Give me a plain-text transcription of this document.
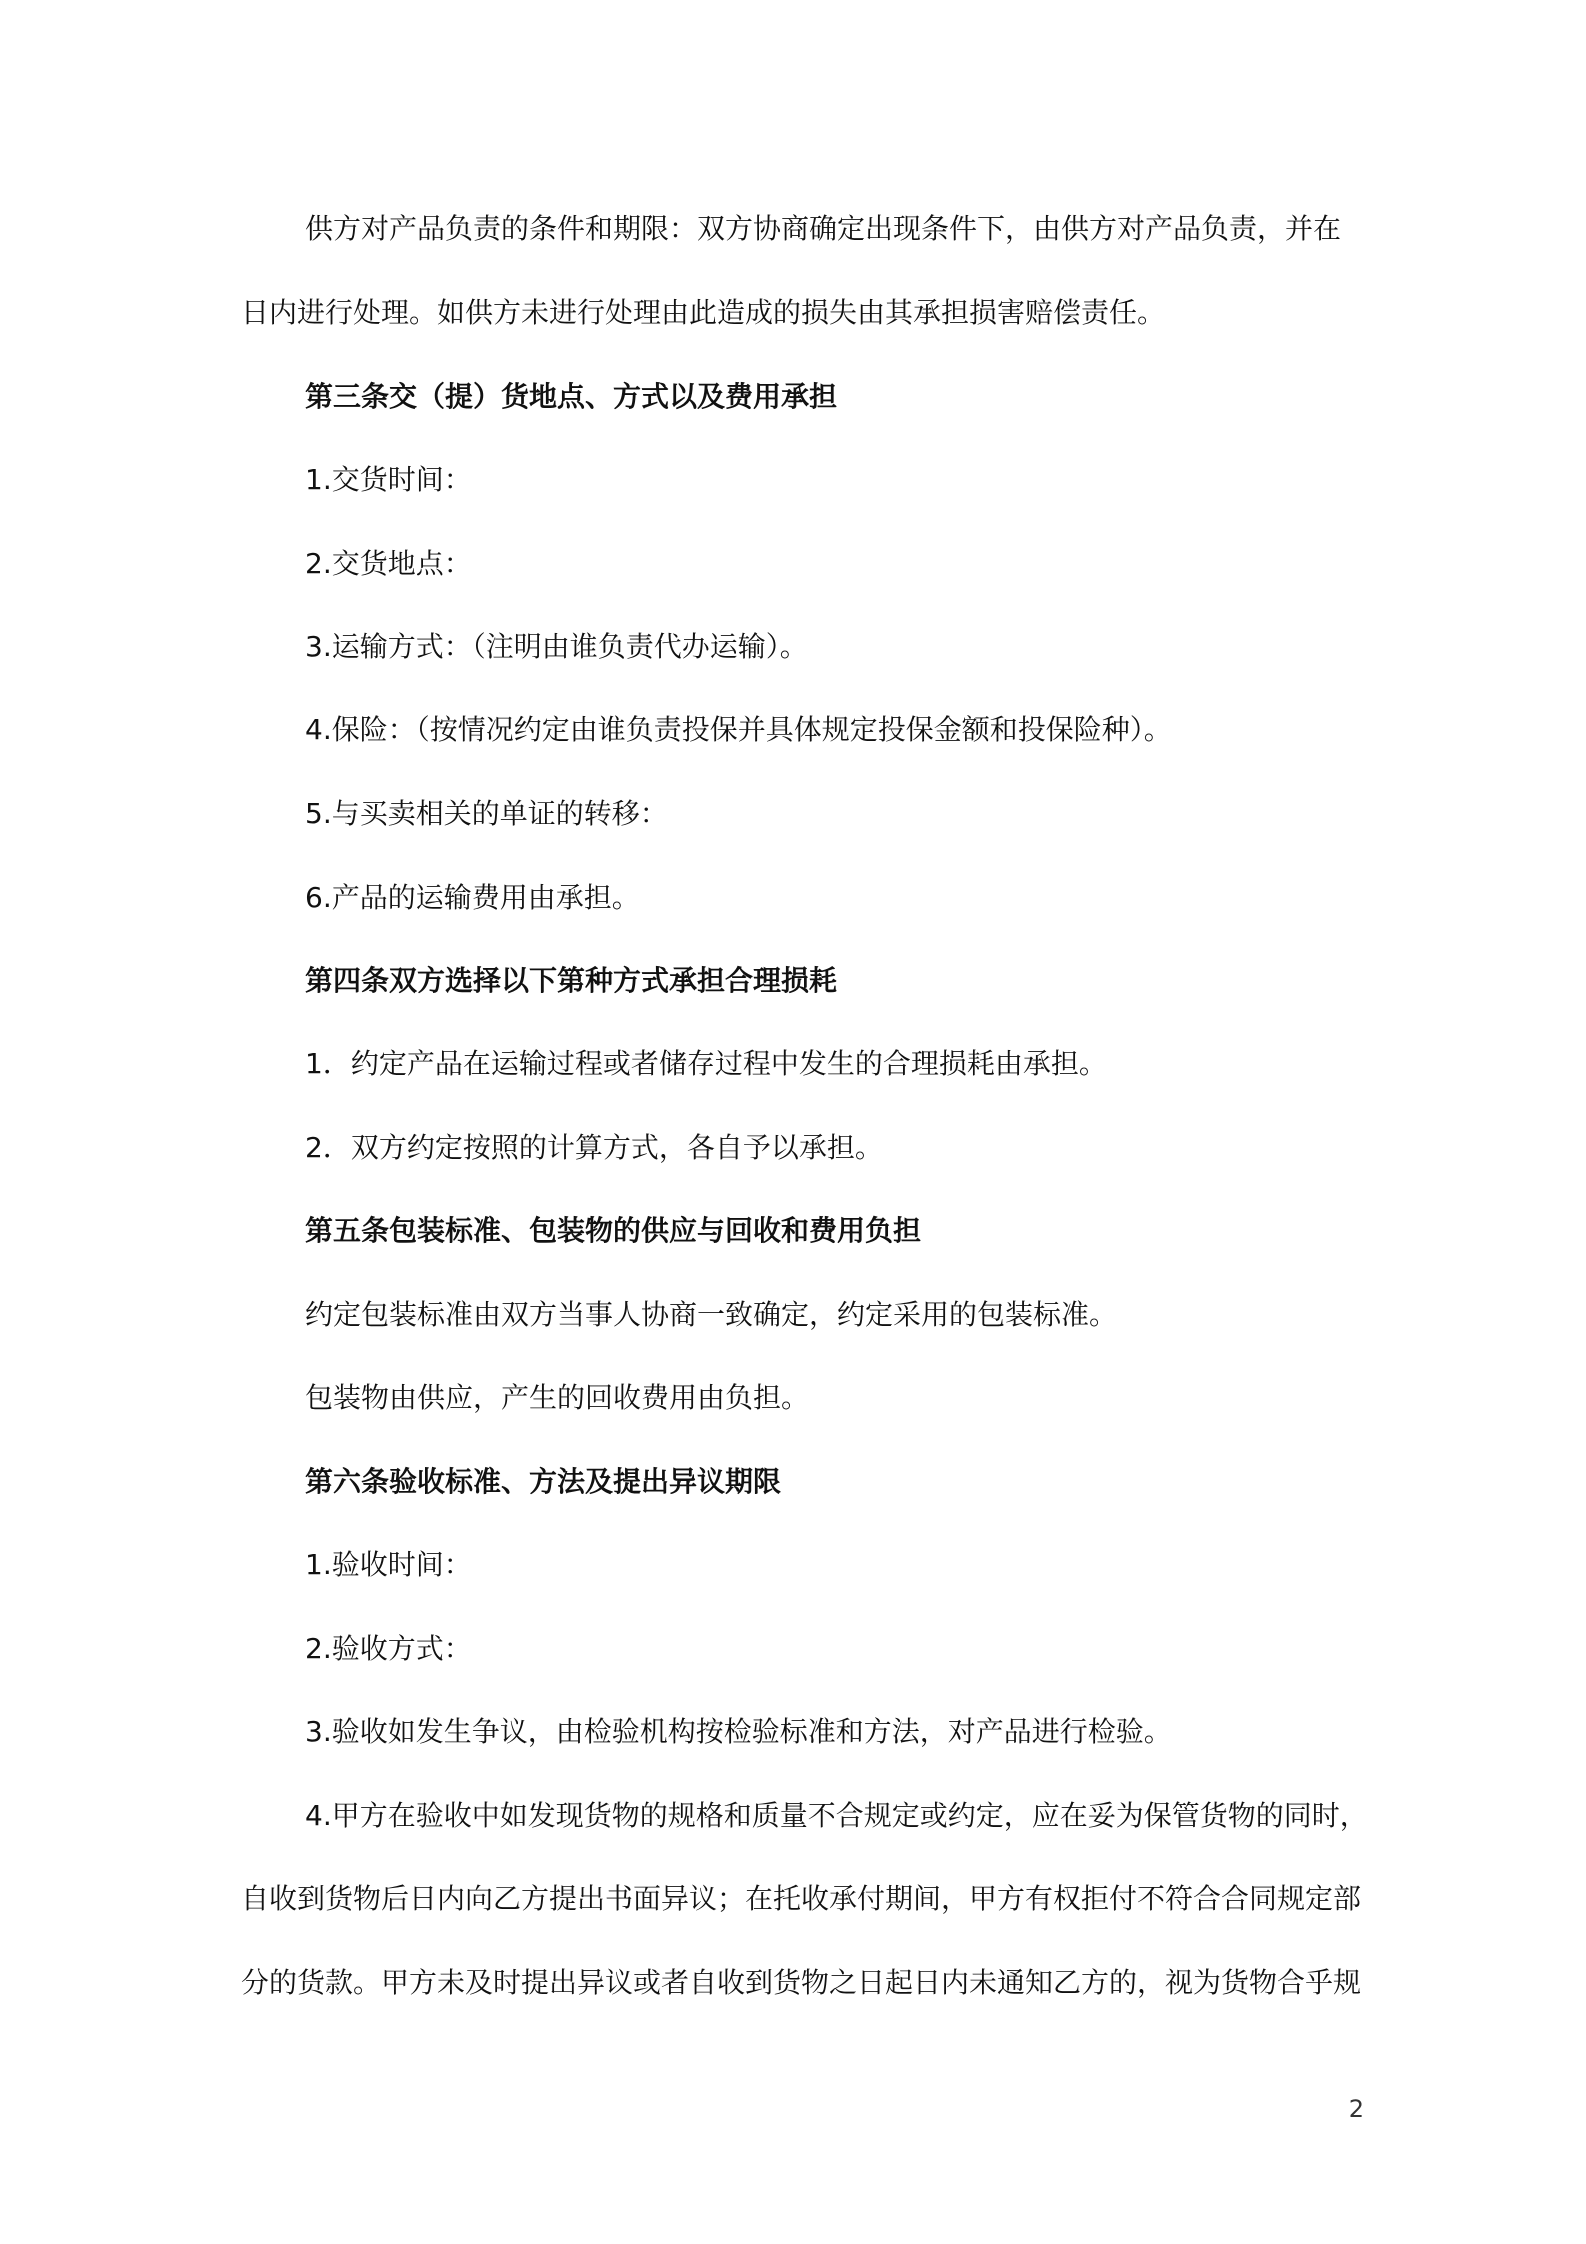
供方对产品负责的条件和期限：双方协商确定出现条件下，由供方对产品负责，并在
日内进行处理。如供方未进行处理由此造成的损失由其承担损害赔偿责任。
第三条交（提）货地点、方式以及费用承担
1.交货时间：
2.交货地点：
3.运输方式：（注明由谁负责代办运输）。
4.保险：（按情况约定由谁负责投保并具体规定投保金额和投保险种）。
5.与买卖相关的单证的转移：
6.产品的运输费用由承担。
第四条双方选择以下第种方式承担合理损耗
1．约定产品在运输过程或者储存过程中发生的合理损耗由承担。
2．双方约定按照的计算方式，各自予以承担。
第五条包装标准、包装物的供应与回收和费用负担
约定包装标准由双方当事人协商一致确定，约定采用的包装标准。
包装物由供应，产生的回收费用由负担。
第六条验收标准、方法及提出异议期限
1.验收时间：
2.验收方式：
3.验收如发生争议，由检验机构按检验标准和方法，对产品进行检验。
4.甲方在验收中如发现货物的规格和质量不合规定或约定，应在妥为保管货物的同时，
自收到货物后日内向乙方提出书面异议；在托收承付期间，甲方有权拒付不符合合同规定部
分的货款。甲方未及时提出异议或者自收到货物之日起日内未通知乙方的，视为货物合乎规
2
